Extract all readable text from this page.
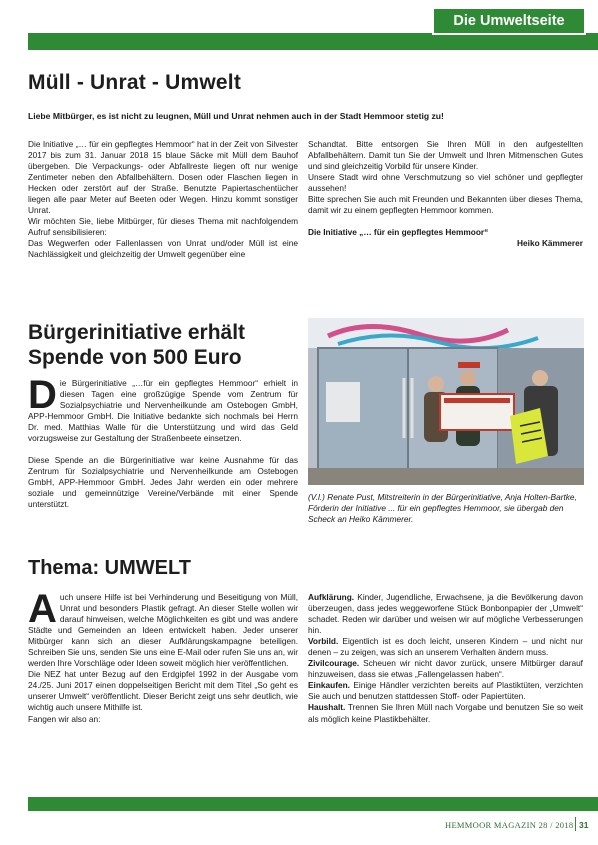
Die Umweltseite
Müll - Unrat - Umwelt
Liebe Mitbürger, es ist nicht zu leugnen, Müll und Unrat nehmen auch in der Stadt Hemmoor stetig zu!

Die Initiative „… für ein gepflegtes Hemmoor“ hat in der Zeit von Silvester 2017 bis zum 31. Januar 2018 15 blaue Säcke mit Müll dem Bauhof übergeben. Die Verpackungs- oder Abfallreste liegen oft nur wenige Zentimeter neben den Abfallbehältern. Dosen oder Flaschen liegen in Hecken oder zerstört auf der Straße. Benutzte Papiertaschentücher liegen alle paar Meter auf Beeten oder Wegen. Hinzu kommt sonstiger Unrat.

Wir möchten Sie, liebe Mitbürger, für dieses Thema mit nachfolgendem Aufruf sensibilisieren:

Das Wegwerfen oder Fallenlassen von Unrat und/oder Müll ist eine Nachlässigkeit und gleichzeitig der Umwelt gegenüber eine

Schandtat. Bitte entsorgen Sie Ihren Müll in den aufgestellten Abfallbehältern. Damit tun Sie der Umwelt und Ihren Mitmenschen Gutes und sind gleichzeitig Vorbild für unsere Kinder.

Unsere Stadt wird ohne Verschmutzung so viel schöner und gepflegter aussehen!

Bitte sprechen Sie auch mit Freunden und Bekannten über dieses Thema, damit wir zu einem gepflegten Hemmoor kommen.

Die Initiative „… für ein gepflegtes Hemmoor“

Heiko Kämmerer

Bürgerinitiative erhält
Spende von 500 Euro
D ie Bürgerinitiative „…für ein gepflegtes Hemmoor“ erhielt in diesen Tagen eine großzügige Spende vom Zentrum für Sozialpsychiatrie und Nervenheilkunde am Ostebogen GmbH, APP-Hemmoor GmbH. Die Initiative bedankte sich nochmals bei Herrn Dr. med. Matthias Walle für die Unterstützung und wird das Geld vorzugsweise zur Gestaltung der Straßenbeete einsetzen.

Diese Spende an die Bürgerinitiative war keine Ausnahme für das Zentrum für Sozialpsychiatrie und Nervenheilkunde am Ostebogen GmbH, APP-Hemmoor GmbH. Jedes Jahr werden ein oder mehrere soziale und gemeinnützige Vereine/Verbände mit einer Spende unterstützt.

(V.l.) Renate Pust, Mitstreiterin in der Bürgerinitiative, Anja Holten-Bartke, Förderin der Initiative ... für ein gepflegtes Hemmoor, sie übergab den Scheck an Heiko Kämmerer.
Thema: UMWELT
A uch unsere Hilfe ist bei Verhinderung und Beseitigung von Müll, Unrat und besonders Plastik gefragt. An dieser Stelle wollen wir darauf hinweisen, welche Möglichkeiten es gibt und was andere Städte und Gemeinden an Ideen entwickelt haben. Jeder unserer Mitbürger kann sich an dieser Aufklärungskampagne beteiligen. Schreiben Sie uns, senden Sie uns eine E-Mail oder rufen Sie uns an, wir werden Ihre Vorschläge oder Ideen soweit möglich hier veröffentlichen.

Die NEZ hat unter Bezug auf den Erdgipfel 1992 in der Ausgabe vom 24./25. Juni 2017 einen doppelseitigen Bericht mit dem Titel „So geht es unserer Umwelt“ veröffentlicht. Dieser Bericht zeigt uns sehr deutlich, wie wichtig auch unsere Mithilfe ist.

Fangen wir also an:

Aufklärung. Kinder, Jugendliche, Erwachsene, ja die Bevölkerung davon überzeugen, dass jedes weggeworfene Stück Bonbonpapier der „Umwelt“ schadet. Reden wir darüber und weisen wir auf mögliche Verbesserungen hin.

Vorbild. Eigentlich ist es doch leicht, unseren Kindern – und nicht nur denen – zu zeigen, was sich an unserem Verhalten ändern muss.

Zivilcourage. Scheuen wir nicht davor zurück, unsere Mitbürger darauf hinzuweisen, dass sie etwas „Fallengelassen haben“.

Einkaufen. Einige Händler verzichten bereits auf Plastiktüten, verzichten Sie auch und benutzen stattdessen Stoff- oder Papiertüten.

Haushalt. Trennen Sie Ihren Müll nach Vorgabe und benutzen Sie so weit als möglich keine Plastikbehälter.

HEMMOOR MAGAZIN 28 / 2018 31
